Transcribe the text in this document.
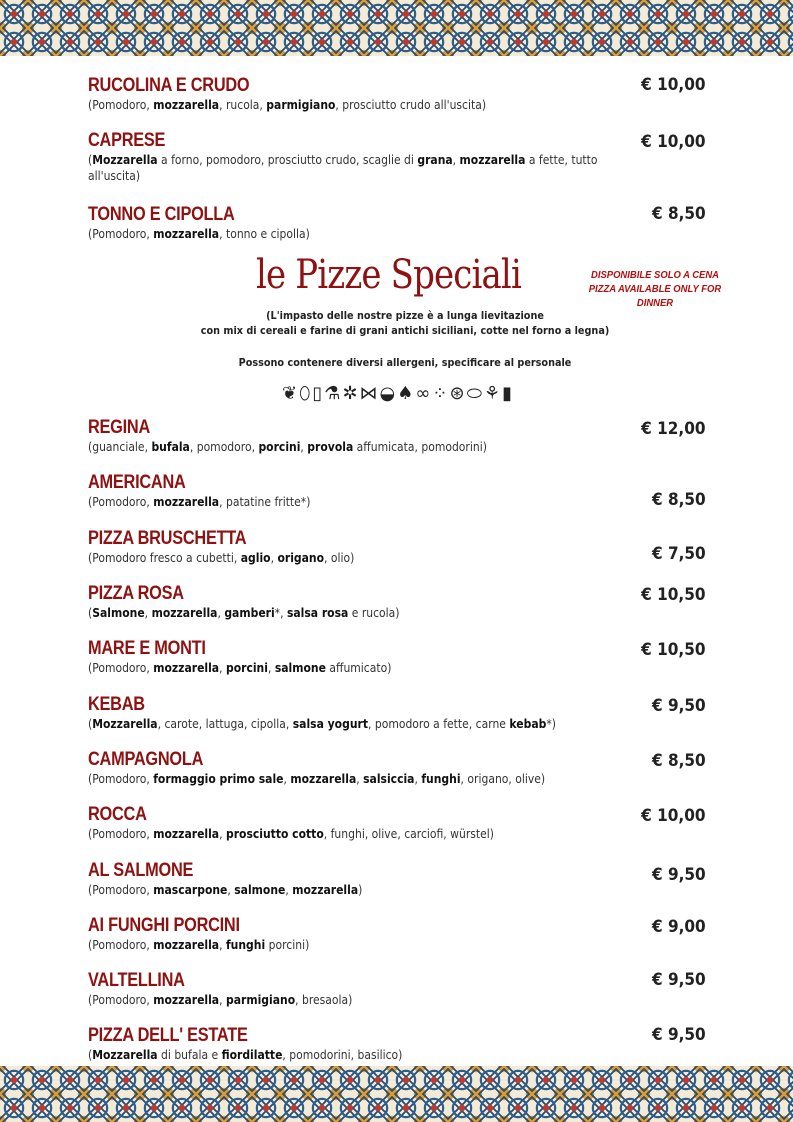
RUCOLINA E CRUDO
(Pomodoro, mozzarella, rucola, parmigiano, prosciutto crudo all'uscita)
€ 10,00
CAPRESE
(Mozzarella a forno, pomodoro, prosciutto crudo, scaglie di grana, mozzarella a fette, tutto all'uscita)
€ 10,00
TONNO E CIPOLLA
(Pomodoro, mozzarella, tonno e cipolla)
€ 8,50
REGINA
(guanciale, bufala, pomodoro, porcini, provola affumicata, pomodorini)
€ 12,00
AMERICANA
(Pomodoro, mozzarella, patatine fritte*)	€ 8,50
PIZZA BRUSCHETTA
(Pomodoro fresco a cubetti, aglio, origano, olio)	€ 7,50
PIZZA ROSA
(Salmone, mozzarella, gamberi*, salsa rosa e rucola)
€ 10,50
MARE E MONTI
(Pomodoro, mozzarella, porcini, salmone affumicato)
€ 10,50
KEBAB
(Mozzarella, carote, lattuga, cipolla, salsa yogurt, pomodoro a fette, carne kebab*)
€ 9,50
CAMPAGNOLA
(Pomodoro, formaggio primo sale, mozzarella, salsiccia, funghi, origano, olive)
€ 8,50
ROCCA
(Pomodoro, mozzarella, prosciutto cotto, funghi, olive, carciofi, würstel)
€ 10,00
AL SALMONE
(Pomodoro, mascarpone, salmone, mozzarella)
€ 9,50
AI FUNGHI PORCINI
(Pomodoro, mozzarella, funghi porcini)
€ 9,00
VALTELLINA
(Pomodoro, mozzarella, parmigiano, bresaola)
€ 9,50
PIZZA DELL' ESTATE
(Mozzarella di bufala e fiordilatte, pomodorini, basilico)
€ 9,50
le Pizze Speciali	DISPONIBILE SOLO A CENA
PIZZA AVAILABLE ONLY FOR DINNER
(L'impasto delle nostre pizze è a lunga lievitazione
con mix di cereali e farine di grani antichi siciliani, cotte nel forno a legna)
Possono contenere diversi allergeni, specificare al personale
❦ ⬯ ▯ ⚗ ✲ ⋈ ◒ ♠ ∞ ⁘ ⊛ ⬭ ⚘ ▮
